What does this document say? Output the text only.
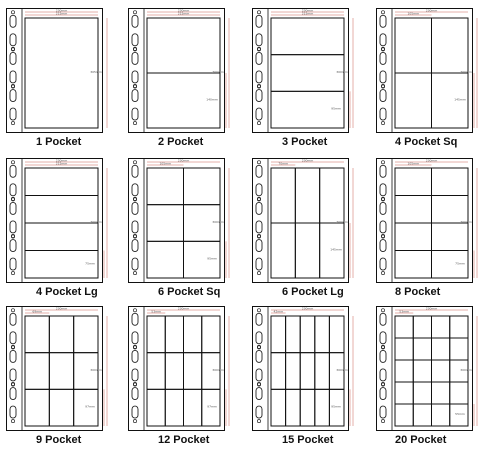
230mm
215mm
305mm
1 Pocket
230mm
215mm
300mm
140mm
2 Pocket
230mm
215mm
300mm
95mm
3 Pocket
230mm
105mm
300mm
145mm
4 Pocket Sq
230mm
215mm
300mm
75mm
4 Pocket Lg
230mm
105mm
300mm
95mm
6 Pocket Sq
230mm
70mm
300mm
145mm
6 Pocket Lg
230mm
105mm
300mm
75mm
8 Pocket
230mm
69mm
300mm
97mm
9 Pocket
230mm
53mm
300mm
97mm
12 Pocket
230mm
42mm
300mm
95mm
15 Pocket
230mm
53mm
300mm
55mm
20 Pocket
